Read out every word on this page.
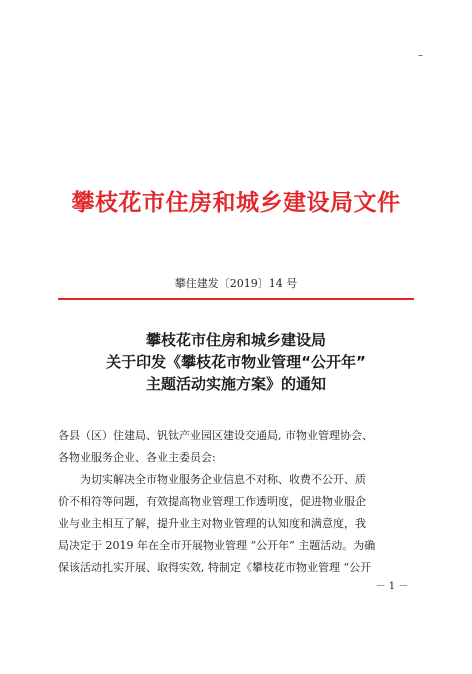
–
攀枝花市住房和城乡建设局文件
攀住建发〔2019〕14 号
攀枝花市住房和城乡建设局
关于印发《攀枝花市物业管理“公开年”
主题活动实施方案》的通知
各县（区）住建局、钒钛产业园区建设交通局, 市物业管理协会、
各物业服务企业、各业主委员会:
为切实解决全市物业服务企业信息不对称、收费不公开、质
价不相符等问题，有效提高物业管理工作透明度，促进物业服企
业与业主相互了解，提升业主对物业管理的认知度和满意度，我
局决定于 2019 年在全市开展物业管理 “公开年” 主题活动。为确
保该活动扎实开展、取得实效, 特制定《攀枝花市物业管理 “公开
－ 1 －
